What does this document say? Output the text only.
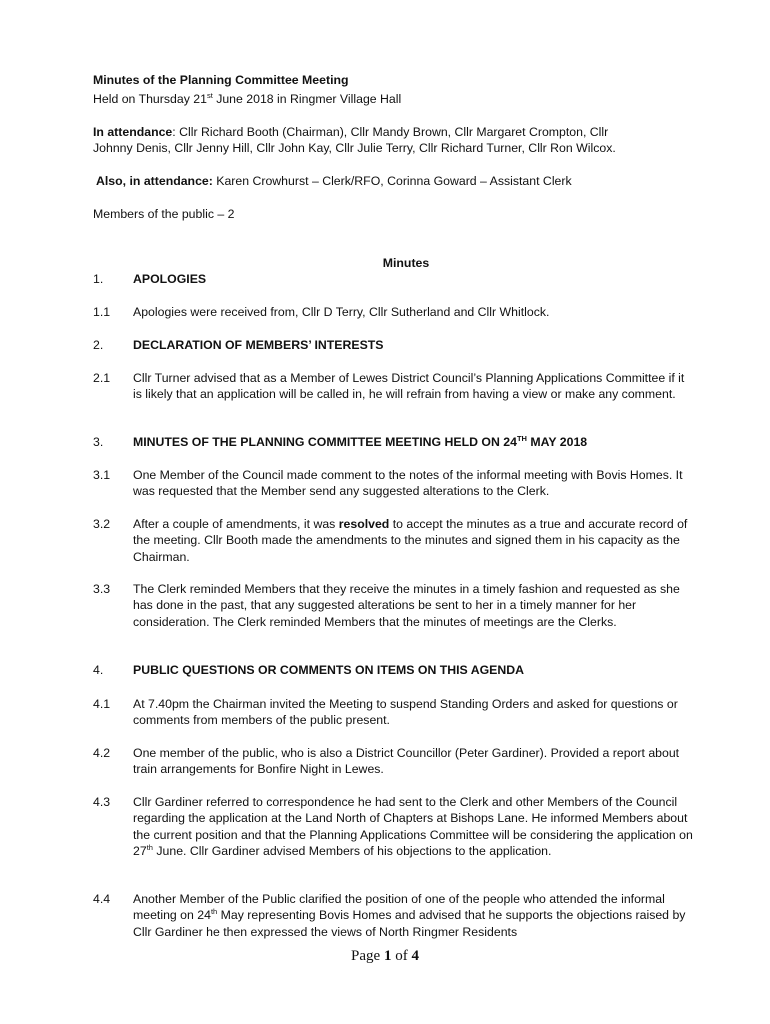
Minutes of the Planning Committee Meeting
Held on Thursday 21st June 2018 in Ringmer Village Hall
In attendance: Cllr Richard Booth (Chairman), Cllr Mandy Brown, Cllr Margaret Crompton, Cllr
Johnny Denis, Cllr Jenny Hill, Cllr John Kay, Cllr Julie Terry, Cllr Richard Turner, Cllr Ron Wilcox.
Also, in attendance: Karen Crowhurst – Clerk/RFO, Corinna Goward – Assistant Clerk
Members of the public – 2
Minutes
1. APOLOGIES
1.1 Apologies were received from, Cllr D Terry, Cllr Sutherland and Cllr Whitlock.
2. DECLARATION OF MEMBERS’ INTERESTS
2.1 Cllr Turner advised that as a Member of Lewes District Council’s Planning Applications Committee if it is likely that an application will be called in, he will refrain from having a view or make any comment.
3. MINUTES OF THE PLANNING COMMITTEE MEETING HELD ON 24TH MAY 2018
3.1 One Member of the Council made comment to the notes of the informal meeting with Bovis Homes. It was requested that the Member send any suggested alterations to the Clerk.
3.2 After a couple of amendments, it was resolved to accept the minutes as a true and accurate record of the meeting. Cllr Booth made the amendments to the minutes and signed them in his capacity as the Chairman.
3.3 The Clerk reminded Members that they receive the minutes in a timely fashion and requested as she has done in the past, that any suggested alterations be sent to her in a timely manner for her consideration. The Clerk reminded Members that the minutes of meetings are the Clerks.
4. PUBLIC QUESTIONS OR COMMENTS ON ITEMS ON THIS AGENDA
4.1 At 7.40pm the Chairman invited the Meeting to suspend Standing Orders and asked for questions or comments from members of the public present.
4.2 One member of the public, who is also a District Councillor (Peter Gardiner). Provided a report about train arrangements for Bonfire Night in Lewes.
4.3 Cllr Gardiner referred to correspondence he had sent to the Clerk and other Members of the Council regarding the application at the Land North of Chapters at Bishops Lane. He informed Members about the current position and that the Planning Applications Committee will be considering the application on 27th June. Cllr Gardiner advised Members of his objections to the application.
4.4 Another Member of the Public clarified the position of one of the people who attended the informal meeting on 24th May representing Bovis Homes and advised that he supports the objections raised by Cllr Gardiner he then expressed the views of North Ringmer Residents
Page 1 of 4
